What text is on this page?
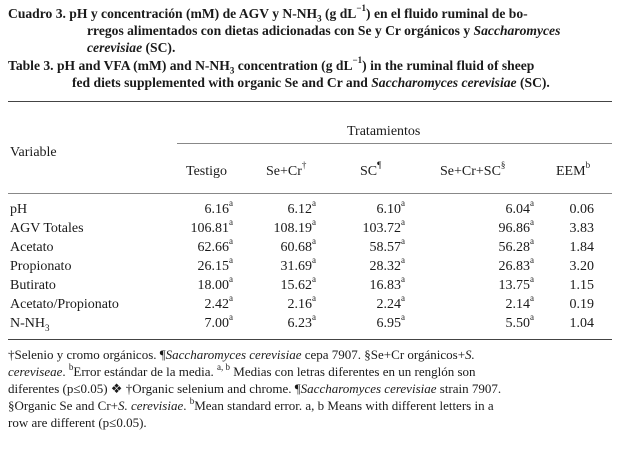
Cuadro 3. pH y concentración (mM) de AGV y $N-NH_3$ (g $dL^{-1}$) en el fluido ruminal de bo-
rregos alimentados con dietas adicionadas con Se y Cr orgánicos y Saccharomyces
cerevisiae (SC).
Table 3. pH and VFA (mM) and $N-NH_3$ concentration (g $dL^{-1}$) in the ruminal fluid of sheep
fed diets supplemented with organic Se and Cr and Saccharomyces cerevisiae (SC).
Variable
Tratamientos
Testigo	Se+Cr†	SC¶	Se+Cr+SC§	EEM$^b$
pH	6.16$^a$	6.12$^a$	6.10$^a$	6.04$^a$	0.06
AGV Totales	106.81$^a$	108.19$^a$	103.72$^a$	96.86$^a$	3.83
Acetato	62.66$^a$	60.68$^a$	58.57$^a$	56.28$^a$	1.84
Propionato	26.15$^a$	31.69$^a$	28.32$^a$	26.83$^a$	3.20
Butirato	18.00$^a$	15.62$^a$	16.83$^a$	13.75$^a$	1.15
Acetato/Propionato	2.42$^a$	2.16$^a$	2.24$^a$	2.14$^a$	0.19
$N-NH_3$	7.00$^a$	6.23$^a$	6.95$^a$	5.50$^a$	1.04
†Selenio y cromo orgánicos. ¶Saccharomyces cerevisiae cepa 7907. §Se+Cr orgánicos+S.
cereviseae. $^b$Error estándar de la media. $^{a, b}$ Medias con letras diferentes en un renglón son
diferentes (p≤0.05) ❖ †Organic selenium and chrome. ¶Saccharomyces cerevisiae strain 7907.
§Organic Se and Cr+S. cerevisiae. $^b$Mean standard error. a, b Means with different letters in a
row are different (p≤0.05).
